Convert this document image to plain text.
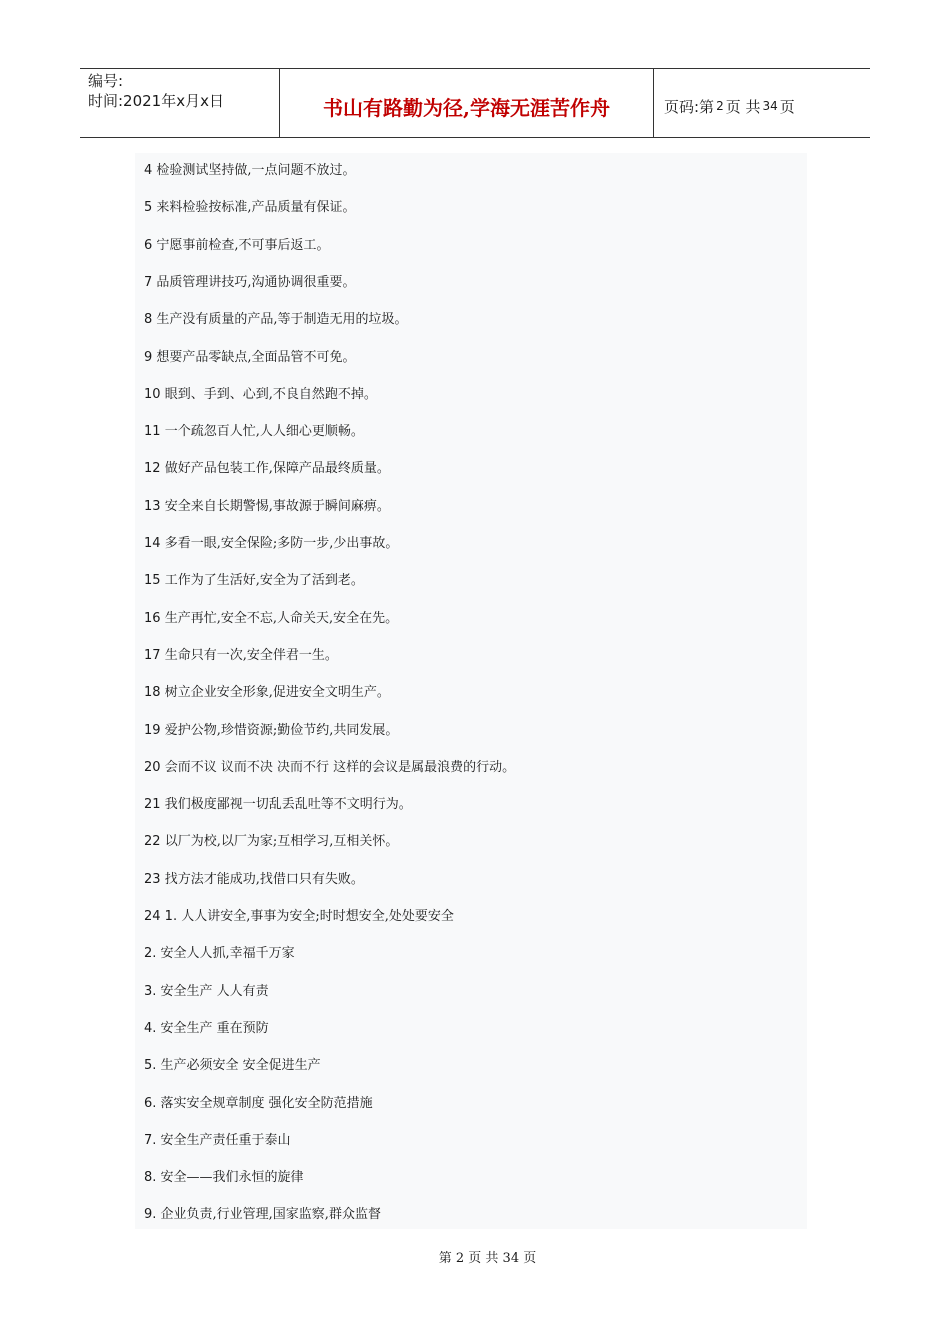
编号:
时间:2021年x月x日	书山有路勤为径,学海无涯苦作舟	页码:第 2 页 共 34 页
4 检验测试坚持做,一点问题不放过。
5 来料检验按标准,产品质量有保证。
6 宁愿事前检查,不可事后返工。
7 品质管理讲技巧,沟通协调很重要。
8 生产没有质量的产品,等于制造无用的垃圾。
9 想要产品零缺点,全面品管不可免。
10 眼到、手到、心到,不良自然跑不掉。
11 一个疏忽百人忙,人人细心更顺畅。
12 做好产品包装工作,保障产品最终质量。
13 安全来自长期警惕,事故源于瞬间麻痹。
14 多看一眼,安全保险;多防一步,少出事故。
15 工作为了生活好,安全为了活到老。
16 生产再忙,安全不忘,人命关天,安全在先。
17 生命只有一次,安全伴君一生。
18 树立企业安全形象,促进安全文明生产。
19 爱护公物,珍惜资源;勤俭节约,共同发展。
20 会而不议 议而不决 决而不行 这样的会议是属最浪费的行动。
21 我们极度鄙视一切乱丢乱吐等不文明行为。
22 以厂为校,以厂为家;互相学习,互相关怀。
23 找方法才能成功,找借口只有失败。
24 1. 人人讲安全,事事为安全;时时想安全,处处要安全
2. 安全人人抓,幸福千万家
3. 安全生产 人人有责
4. 安全生产 重在预防
5. 生产必须安全 安全促进生产
6. 落实安全规章制度 强化安全防范措施
7. 安全生产责任重于泰山
8. 安全——我们永恒的旋律
9. 企业负责,行业管理,国家监察,群众监督
第 2 页 共 34 页
